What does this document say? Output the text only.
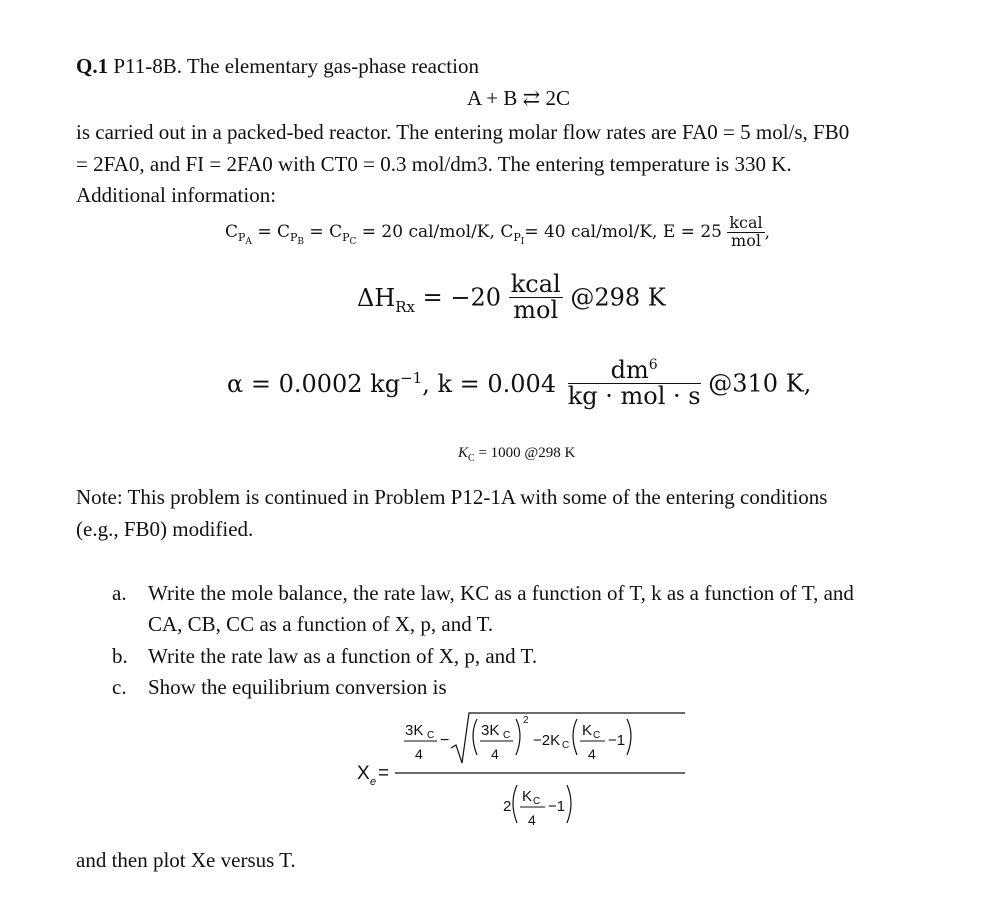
Q.1 P11-8B. The elementary gas-phase reaction
A + B ⇄ 2C
is carried out in a packed-bed reactor. The entering molar flow rates are FA0 = 5 mol/s, FB0
= 2FA0, and FI = 2FA0 with CT0 = 0.3 mol/dm3. The entering temperature is 330 K.
Additional information:
$C_{P_A} = C_{P_B} = C_{P_C} = 20$ cal/mol/K, $C_{P_I}= 40$ cal/mol/K, $E = 25 \frac{\text{kcal}}{\text{mol}}$ ,
$\Delta H_{Rx} = -20 \frac{\text{kcal}}{\text{mol}}$ @298 K
α = 0.0002 $kg^{-1}$, $k = 0.004 \frac{dm^6}{\text{kg · mol · s}}$ @310 K,
$K_C = 1000$ @298 K
Note: This problem is continued in Problem P12-1A with some of the entering conditions
(e.g., FB0) modified.
a. Write the mole balance, the rate law, KC as a function of T, k as a function of T, and
CA, CB, CC as a function of X, p, and T.
b. Write the rate law as a function of X, p, and T.
c. Show the equilibrium conversion is
X e =
3K C
4
−
3K C
4
2
−2K C
K C
4
−1
2
K C
4
−1
and then plot Xe versus T.
